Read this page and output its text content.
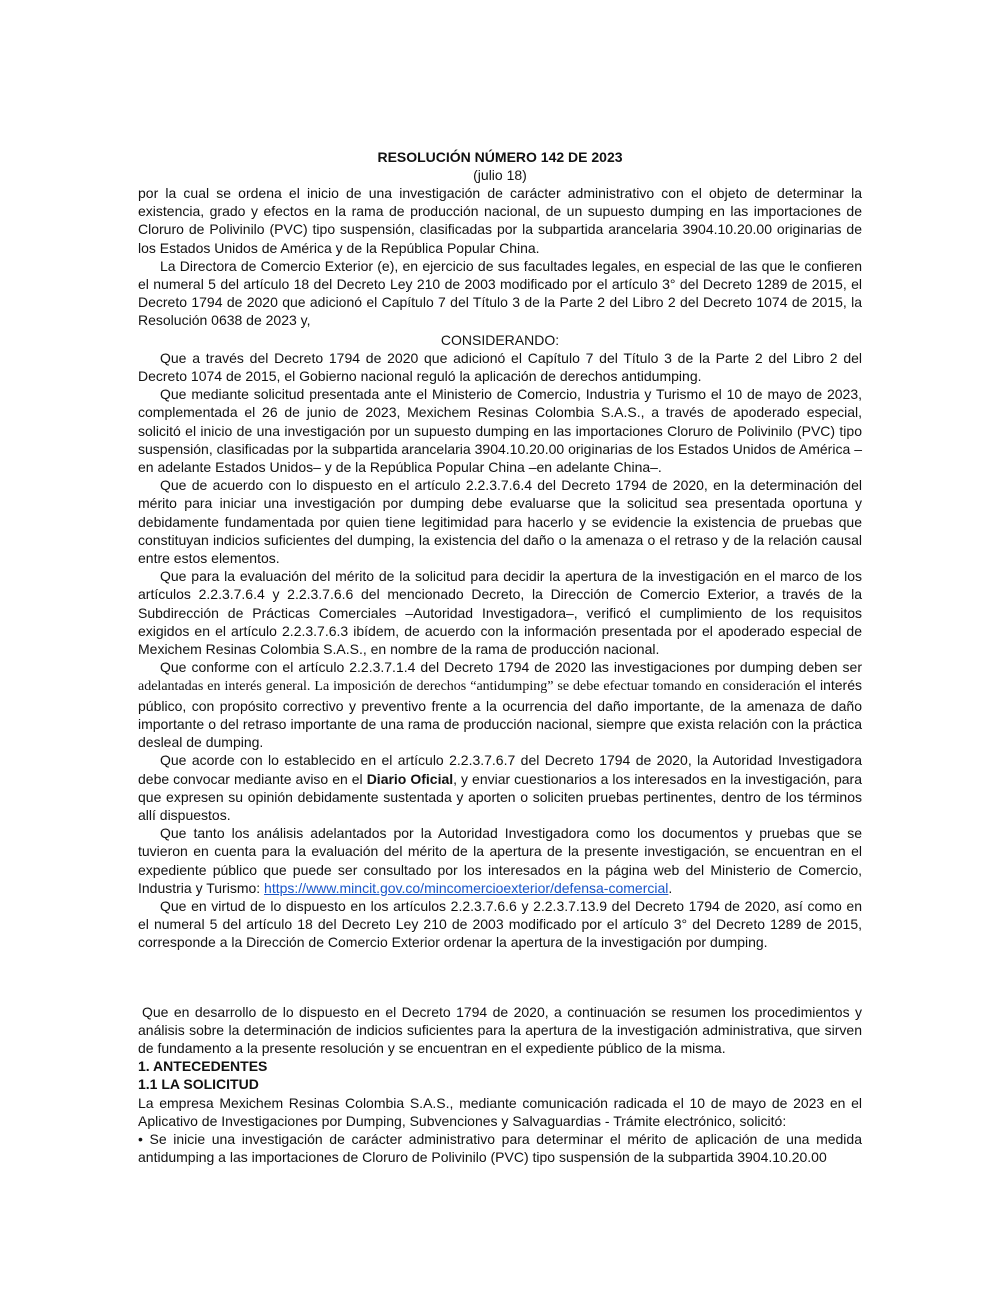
RESOLUCIÓN NÚMERO 142 DE 2023

(julio 18)

por la cual se ordena el inicio de una investigación de carácter administrativo con el objeto de determinar la existencia, grado y efectos en la rama de producción nacional, de un supuesto dumping en las importaciones de Cloruro de Polivinilo (PVC) tipo suspensión, clasificadas por la subpartida arancelaria 3904.10.20.00 originarias de los Estados Unidos de América y de la República Popular China.

La Directora de Comercio Exterior (e), en ejercicio de sus facultades legales, en especial de las que le confieren el numeral 5 del artículo 18 del Decreto Ley 210 de 2003 modificado por el artículo 3° del Decreto 1289 de 2015, el Decreto 1794 de 2020 que adicionó el Capítulo 7 del Título 3 de la Parte 2 del Libro 2 del Decreto 1074 de 2015, la Resolución 0638 de 2023 y,

CONSIDERANDO:

Que a través del Decreto 1794 de 2020 que adicionó el Capítulo 7 del Título 3 de la Parte 2 del Libro 2 del Decreto 1074 de 2015, el Gobierno nacional reguló la aplicación de derechos antidumping.

Que mediante solicitud presentada ante el Ministerio de Comercio, Industria y Turismo el 10 de mayo de 2023, complementada el 26 de junio de 2023, Mexichem Resinas Colombia S.A.S., a través de apoderado especial, solicitó el inicio de una investigación por un supuesto dumping en las importaciones Cloruro de Polivinilo (PVC) tipo suspensión, clasificadas por la subpartida arancelaria 3904.10.20.00 originarias de los Estados Unidos de América – en adelante Estados Unidos– y de la República Popular China –en adelante China–.

Que de acuerdo con lo dispuesto en el artículo 2.2.3.7.6.4 del Decreto 1794 de 2020, en la determinación del mérito para iniciar una investigación por dumping debe evaluarse que la solicitud sea presentada oportuna y debidamente fundamentada por quien tiene legitimidad para hacerlo y se evidencie la existencia de pruebas que constituyan indicios suficientes del dumping, la existencia del daño o la amenaza o el retraso y de la relación causal entre estos elementos.

Que para la evaluación del mérito de la solicitud para decidir la apertura de la investigación en el marco de los artículos 2.2.3.7.6.4 y 2.2.3.7.6.6 del mencionado Decreto, la Dirección de Comercio Exterior, a través de la Subdirección de Prácticas Comerciales –Autoridad Investigadora–, verificó el cumplimiento de los requisitos exigidos en el artículo 2.2.3.7.6.3 ibídem, de acuerdo con la información presentada por el apoderado especial de Mexichem Resinas Colombia S.A.S., en nombre de la rama de producción nacional.

Que conforme con el artículo 2.2.3.7.1.4 del Decreto 1794 de 2020 las investigaciones por dumping deben ser adelantadas en interés general. La imposición de derechos “antidumping” se debe efectuar tomando en consideración el interés público, con propósito correctivo y preventivo frente a la ocurrencia del daño importante, de la amenaza de daño importante o del retraso importante de una rama de producción nacional, siempre que exista relación con la práctica desleal de dumping.

Que acorde con lo establecido en el artículo 2.2.3.7.6.7 del Decreto 1794 de 2020, la Autoridad Investigadora debe convocar mediante aviso en el Diario Oficial, y enviar cuestionarios a los interesados en la investigación, para que expresen su opinión debidamente sustentada y aporten o soliciten pruebas pertinentes, dentro de los términos allí dispuestos.

Que tanto los análisis adelantados por la Autoridad Investigadora como los documentos y pruebas que se tuvieron en cuenta para la evaluación del mérito de la apertura de la presente investigación, se encuentran en el expediente público que puede ser consultado por los interesados en la página web del Ministerio de Comercio, Industria y Turismo: https://www.mincit.gov.co/mincomercioexterior/defensa-comercial.

Que en virtud de lo dispuesto en los artículos 2.2.3.7.6.6 y 2.2.3.7.13.9 del Decreto 1794 de 2020, así como en el numeral 5 del artículo 18 del Decreto Ley 210 de 2003 modificado por el artículo 3° del Decreto 1289 de 2015, corresponde a la Dirección de Comercio Exterior ordenar la apertura de la investigación por dumping.

Que en desarrollo de lo dispuesto en el Decreto 1794 de 2020, a continuación se resumen los procedimientos y análisis sobre la determinación de indicios suficientes para la apertura de la investigación administrativa, que sirven de fundamento a la presente resolución y se encuentran en el expediente público de la misma.

1. ANTECEDENTES

1.1 LA SOLICITUD

La empresa Mexichem Resinas Colombia S.A.S., mediante comunicación radicada el 10 de mayo de 2023 en el Aplicativo de Investigaciones por Dumping, Subvenciones y Salvaguardias - Trámite electrónico, solicitó:

• Se inicie una investigación de carácter administrativo para determinar el mérito de aplicación de una medida antidumping a las importaciones de Cloruro de Polivinilo (PVC) tipo suspensión de la subpartida 3904.10.20.00
